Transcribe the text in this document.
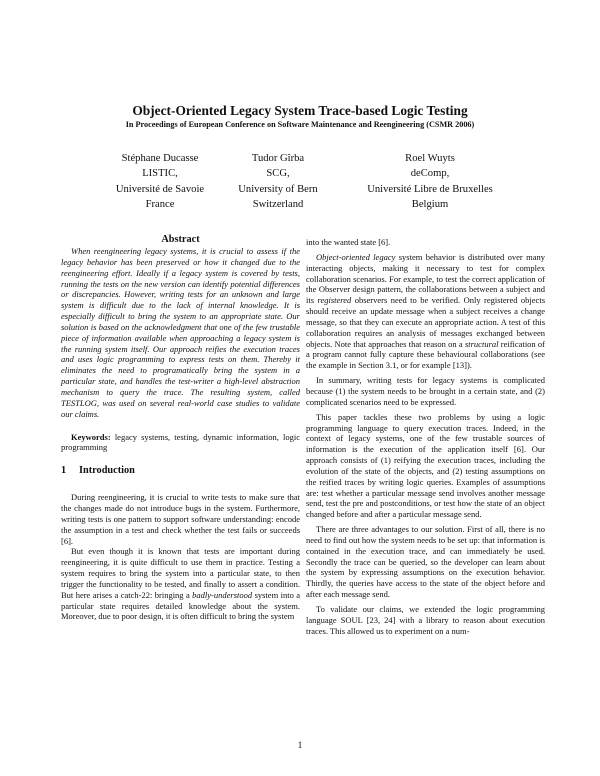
Object-Oriented Legacy System Trace-based Logic Testing
In Proceedings of European Conference on Software Maintenance and Reengineering (CSMR 2006)
Stéphane Ducasse
LISTIC,
Université de Savoie
France
Tudor Gîrba
SCG,
University of Bern
Switzerland
Roel Wuyts
deComp,
Université Libre de Bruxelles
Belgium

Abstract

When reengineering legacy systems, it is crucial to assess if the legacy behavior has been preserved or how it changed due to the reengineering effort. Ideally if a legacy system is covered by tests, running the tests on the new version can identify potential differences or discrepancies. However, writing tests for an unknown and large system is difficult due to the lack of internal knowledge. It is especially difficult to bring the system to an appropriate state. Our solution is based on the acknowledgment that one of the few trustable piece of information available when approaching a legacy system is the running system itself. Our approach reifies the execution traces and uses logic programming to express tests on them. Thereby it eliminates the need to programatically bring the system in a particular state, and handles the test-writer a high-level abstraction mechanism to query the trace. The resulting system, called TESTLOG, was used on several real-world case studies to validate our claims.

Keywords: legacy systems, testing, dynamic information, logic programming

1 Introduction

During reengineering, it is crucial to write tests to make sure that the changes made do not introduce bugs in the system. Furthermore, writing tests is one pattern to support software understanding: encode the assumption in a test and check whether the test fails or succeeds [6].

But even though it is known that tests are important during reengineering, it is quite difficult to use them in practice. Testing a system requires to bring the system into a particular state, to then trigger the functionality to be tested, and finally to assert a condition. But here arises a catch-22: bringing a badly-understood system into a particular state requires detailed knowledge about the system. Moreover, due to poor design, it is often difficult to bring the system

into the wanted state [6].

Object-oriented legacy system behavior is distributed over many interacting objects, making it necessary to test for complex collaboration scenarios. For example, to test the correct application of the Observer design pattern, the collaborations between a subject and its registered observers need to be verified. Only registered objects should receive an update message when a subject receives a change message, so that they can execute an appropriate action. A test of this collaboration requires an analysis of messages exchanged between objects. Note that approaches that reason on a structural reification of a program cannot fully capture these behavioural collaborations (see the example in Section 3.1, or for example [13]).

In summary, writing tests for legacy systems is complicated because (1) the system needs to be brought in a certain state, and (2) complicated scenarios need to be expressed.

This paper tackles these two problems by using a logic programming language to query execution traces. Indeed, in the context of legacy systems, one of the few trustable sources of information is the execution of the application itself [6]. Our approach consists of (1) reifying the execution traces, including the evolution of the state of the objects, and (2) testing assumptions on the reified traces by writing logic queries. Examples of assumptions are: test whether a particular message send involves another message send, test the pre and postconditions, or test how the state of an object changed before and after a particular message send.

There are three advantages to our solution. First of all, there is no need to find out how the system needs to be set up: that information is contained in the execution trace, and can immediately be used. Secondly the trace can be queried, so the developer can learn about the system by expressing assumptions on the execution behavior. Thirdly, the queries have access to the state of the object before and after each message send.

To validate our claims, we extended the logic programming language SOUL [23, 24] with a library to reason about execution traces. This allowed us to experiment on a num-

1
